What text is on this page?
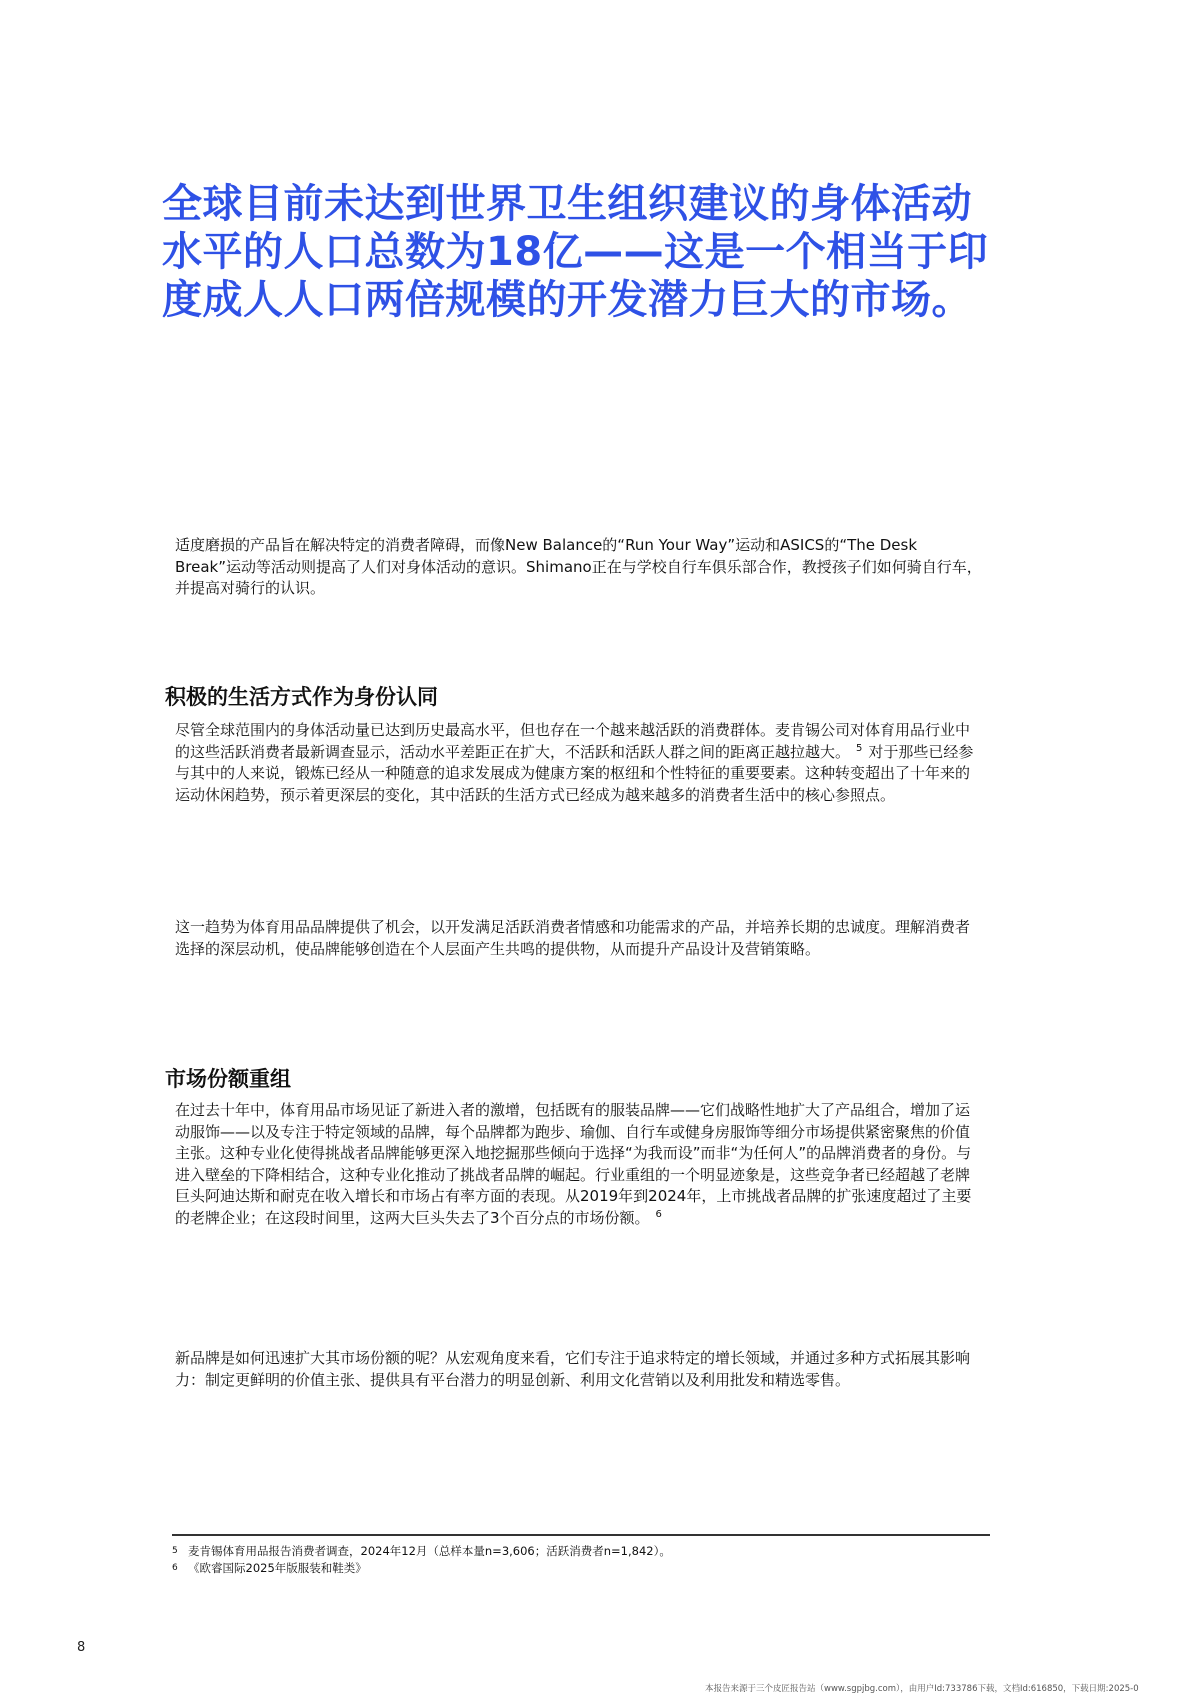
全球目前未达到世界卫生组织建议的身体活动水平的人口总数为18亿——这是一个相当于印度成人人口两倍规模的开发潜力巨大的市场。

适度磨损的产品旨在解决特定的消费者障碍，而像New Balance的“Run Your Way”运动和ASICS的“The Desk Break”运动等活动则提高了人们对身体活动的意识。Shimano正在与学校自行车俱乐部合作，教授孩子们如何骑自行车，并提高对骑行的认识。

积极的生活方式作为身份认同

尽管全球范围内的身体活动量已达到历史最高水平，但也存在一个越来越活跃的消费群体。麦肯锡公司对体育用品行业中的这些活跃消费者最新调查显示，活动水平差距正在扩大，不活跃和活跃人群之间的距离正越拉越大。 $^5$ 对于那些已经参与其中的人来说，锻炼已经从一种随意的追求发展成为健康方案的枢纽和个性特征的重要要素。这种转变超出了十年来的运动休闲趋势，预示着更深层的变化，其中活跃的生活方式已经成为越来越多的消费者生活中的核心参照点。

这一趋势为体育用品品牌提供了机会，以开发满足活跃消费者情感和功能需求的产品，并培养长期的忠诚度。理解消费者选择的深层动机，使品牌能够创造在个人层面产生共鸣的提供物，从而提升产品设计及营销策略。

市场份额重组

在过去十年中，体育用品市场见证了新进入者的激增，包括既有的服装品牌——它们战略性地扩大了产品组合，增加了运动服饰——以及专注于特定领域的品牌，每个品牌都为跑步、瑜伽、自行车或健身房服饰等细分市场提供紧密聚焦的价值主张。这种专业化使得挑战者品牌能够更深入地挖掘那些倾向于选择“为我而设”而非“为任何人”的品牌消费者的身份。与进入壁垒的下降相结合，这种专业化推动了挑战者品牌的崛起。行业重组的一个明显迹象是，这些竞争者已经超越了老牌巨头阿迪达斯和耐克在收入增长和市场占有率方面的表现。从2019年到2024年，上市挑战者品牌的扩张速度超过了主要的老牌企业；在这段时间里，这两大巨头失去了3个百分点的市场份额。 $^6$

新品牌是如何迅速扩大其市场份额的呢？从宏观角度来看，它们专注于追求特定的增长领域，并通过多种方式拓展其影响力：制定更鲜明的价值主张、提供具有平台潜力的明显创新、利用文化营销以及利用批发和精选零售。

5 麦肯锡体育用品报告消费者调查，2024年12月（总样本量n=3,606；活跃消费者n=1,842）。
6 《欧睿国际2025年版服装和鞋类》
8
本报告来源于三个皮匠报告站（www.sgpjbg.com），由用户Id:733786下载，文档Id:616850，下载日期:2025-0
